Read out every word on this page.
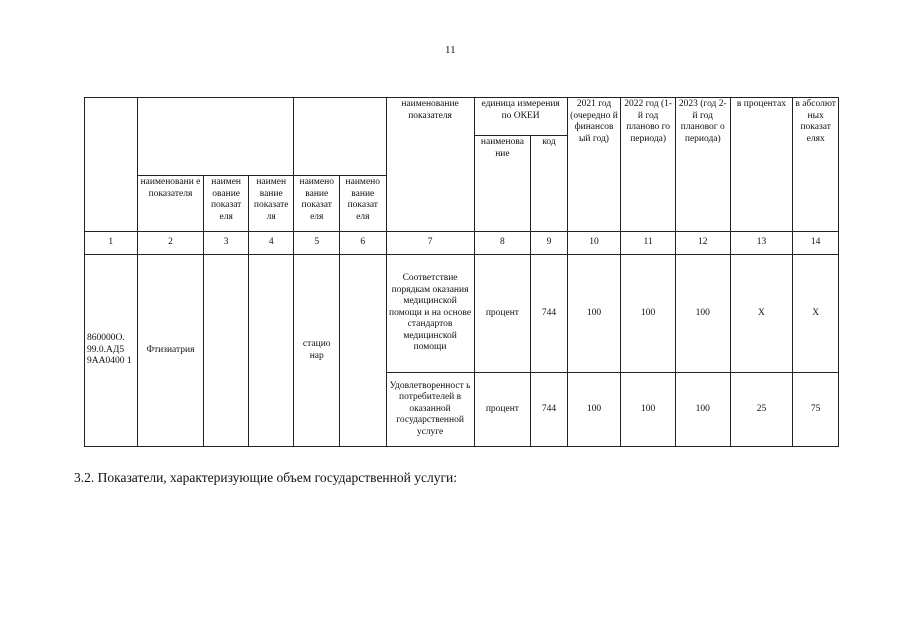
11
						наименование показателя	единица измерения по ОКЕИ		2021 год (очередно й финансов ый год)	2022 год (1-й год планово го периода)	2023 (год 2-й год плановог о периода)	в процентах	в абсолют ных показат елях
							наименова ние	код					
	наименовани е показателя	наимен ование показат еля	наимен вание показате ля	наимено вание показат еля	наимено вание показат еля								
1	2	3	4	5	6	7	8	9	10	11	12	13	14
860000О. 99.0.АД5 9АА0400 1	Фтизиатрия			стацио нар		Соответствие порядкам оказания медицинской помощи и на основе стандартов медицинской помощи	процент	744	100	100	100	Х	Х
						Удовлетворенност ь потребителей в оказанной государственной услуге	процент	744	100	100	100	25	75
3.2. Показатели, характеризующие объем государственной услуги:
